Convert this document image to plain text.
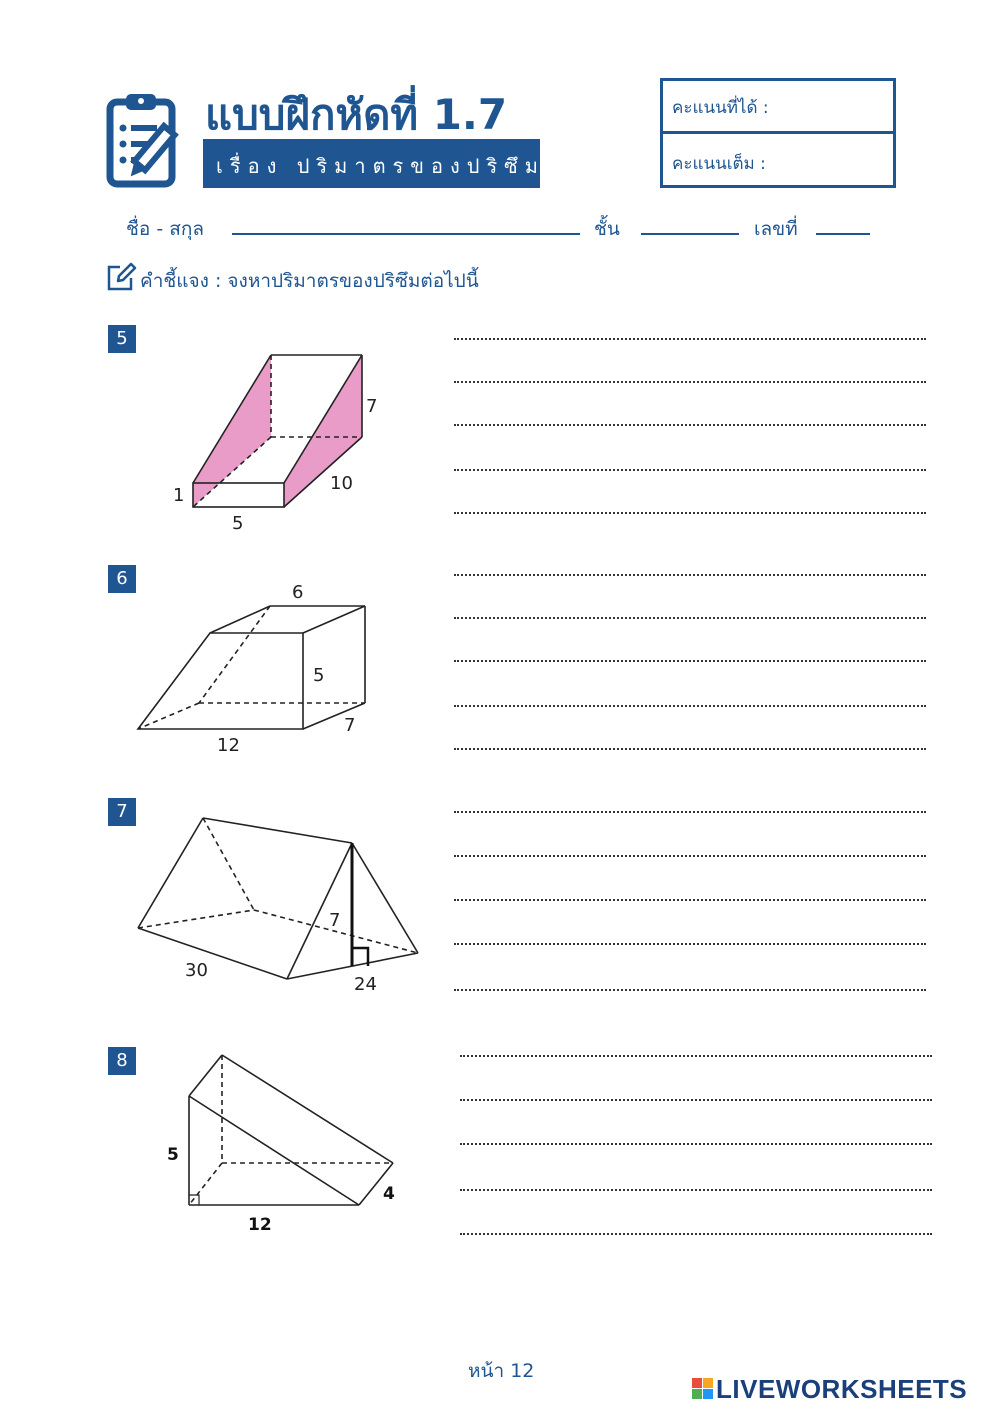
แบบฝึกหัดที่ 1.7
เรื่อง ปริมาตรของปริซึม
คะแนนที่ได้ :
คะแนนเต็ม :
ชื่อ - สกุล	ชั้น	เลขที่
คำชี้แจง : จงหาปริมาตรของปริซึมต่อไปนี้
5
7
10
1
5
6
6
5
7
12
7
7
30
24
8
5
4
12
หน้า 12
LIVEWORKSHEETS
